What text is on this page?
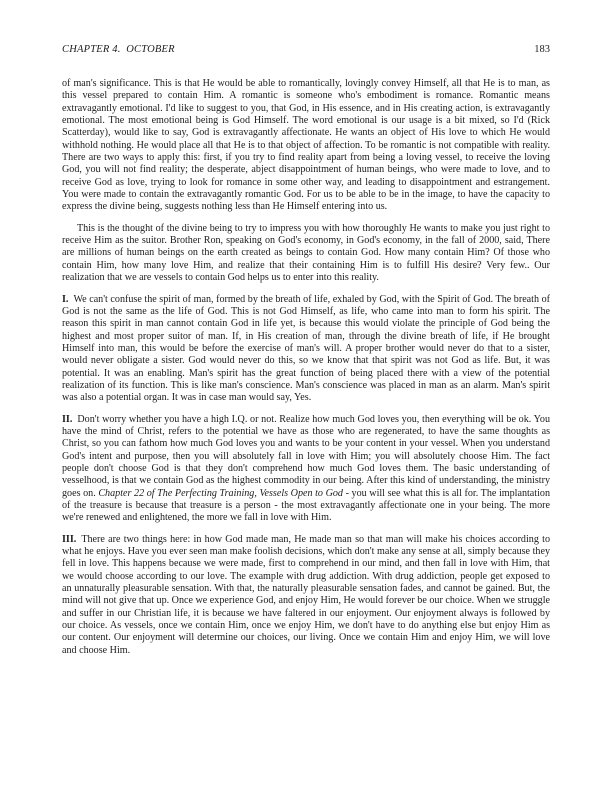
CHAPTER 4.  OCTOBER	183

of man's significance. This is that He would be able to romantically, lovingly convey Himself, all that He is to man, as this vessel prepared to contain Him. A romantic is someone who's embodiment is romance. Romantic means extravagantly emotional. I'd like to suggest to you, that God, in His essence, and in His creating action, is extravagantly emotional. The most emotional being is God Himself. The word emotional is our usage is a bit mixed, so I'd (Rick Scatterday), would like to say, God is extravagantly affectionate. He wants an object of His love to which He would withhold nothing. He would place all that He is to that object of affection. To be romantic is not compatible with reality. There are two ways to apply this: first, if you try to find reality apart from being a loving vessel, to receive the loving God, you will not find reality; the desperate, abject disappointment of human beings, who were made to love, and to receive God as love, trying to look for romance in some other way, and leading to disappointment and estrangement. You were made to contain the extravagantly romantic God. For us to be able to be in the image, to have the capacity to express the divine being, suggests nothing less than He Himself entering into us.

This is the thought of the divine being to try to impress you with how thoroughly He wants to make you just right to receive Him as the suitor. Brother Ron, speaking on God's economy, in God's economy, in the fall of 2000, said, There are millions of human beings on the earth created as beings to contain God. How many contain Him? Of those who contain Him, how many love Him, and realize that their containing Him is to fulfill His desire? Very few.. Our realization that we are vessels to contain God helps us to enter into this reality.

I. We can't confuse the spirit of man, formed by the breath of life, exhaled by God, with the Spirit of God. The breath of God is not the same as the life of God. This is not God Himself, as life, who came into man to form his spirit. The reason this spirit in man cannot contain God in life yet, is because this would violate the principle of God being the highest and most proper suitor of man. If, in His creation of man, through the divine breath of life, if He brought Himself into man, this would be before the exercise of man's will. A proper brother would never do that to a sister, would never obligate a sister. God would never do this, so we know that that spirit was not God as life. But, it was potential. It was an enabling. Man's spirit has the great function of being placed there with a view of the potential realization of its function. This is like man's conscience. Man's conscience was placed in man as an alarm. Man's spirit was also a potential organ. It was in case man would say, Yes.

II. Don't worry whether you have a high I.Q. or not. Realize how much God loves you, then everything will be ok. You have the mind of Christ, refers to the potential we have as those who are regenerated, to have the same thoughts as Christ, so you can fathom how much God loves you and wants to be your content in your vessel. When you understand God's intent and purpose, then you will absolutely fall in love with Him; you will absolutely choose Him. The fact people don't choose God is that they don't comprehend how much God loves them. The basic understanding of vesselhood, is that we contain God as the highest commodity in our being. After this kind of understanding, the ministry goes on. Chapter 22 of The Perfecting Training, Vessels Open to God - you will see what this is all for. The implantation of the treasure is because that treasure is a person - the most extravagantly affectionate one in your being. The more we're renewed and enlightened, the more we fall in love with Him.

III. There are two things here: in how God made man, He made man so that man will make his choices according to what he enjoys. Have you ever seen man make foolish decisions, which don't make any sense at all, simply because they fell in love. This happens because we were made, first to comprehend in our mind, and then fall in love with Him, that we would choose according to our love. The example with drug addiction. With drug addiction, people get exposed to an unnaturally pleasurable sensation. With that, the naturally pleasurable sensation fades, and cannot be gained. But, the mind will not give that up. Once we experience God, and enjoy Him, He would forever be our choice. When we struggle and suffer in our Christian life, it is because we have faltered in our enjoyment. Our enjoyment always is followed by our choice. As vessels, once we contain Him, once we enjoy Him, we don't have to do anything else but enjoy Him as our content. Our enjoyment will determine our choices, our living. Once we contain Him and enjoy Him, we will love and choose Him.
